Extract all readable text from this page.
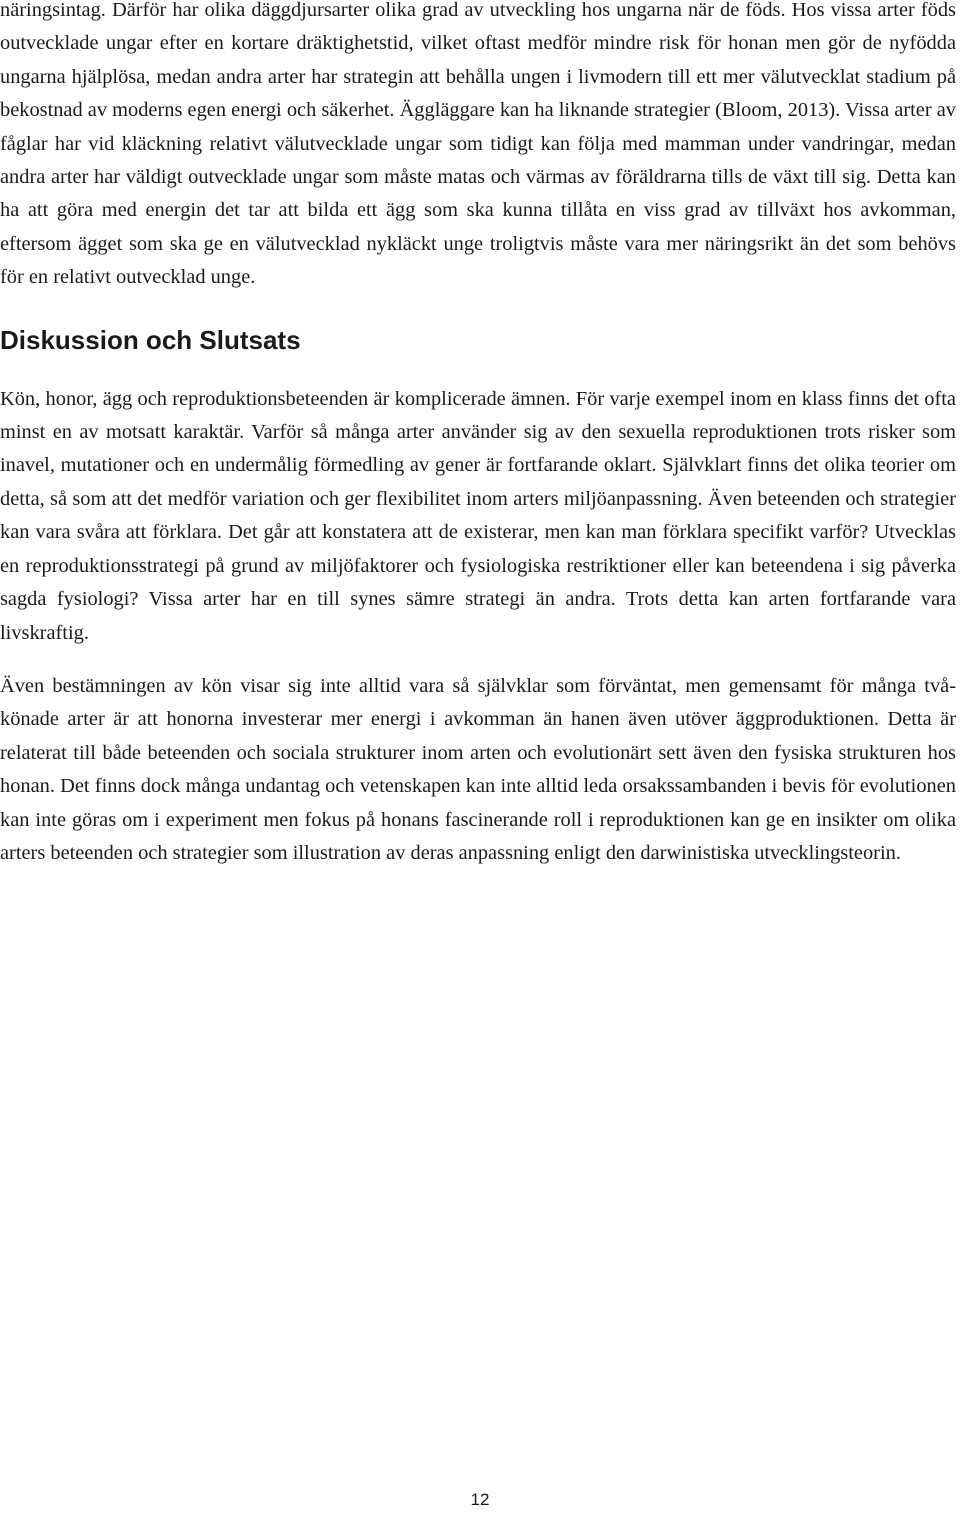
näringsintag. Därför har olika däggdjursarter olika grad av utveckling hos ungarna när de föds. Hos vissa arter föds outvecklade ungar efter en kortare dräktighetstid, vilket oftast medför mindre risk för honan men gör de nyfödda ungarna hjälplösa, medan andra arter har strategin att behålla ungen i livmodern till ett mer välutvecklat stadium på bekostnad av moderns egen energi och säkerhet. Äggläggare kan ha liknande strategier (Bloom, 2013). Vissa arter av fåglar har vid kläckning relativt välutvecklade ungar som tidigt kan följa med mamman under vandringar, medan andra arter har väldigt outvecklade ungar som måste matas och värmas av föräldrarna tills de växt till sig. Detta kan ha att göra med energin det tar att bilda ett ägg som ska kunna tillåta en viss grad av tillväxt hos avkomman, eftersom ägget som ska ge en välutvecklad nykläckt unge troligtvis måste vara mer näringsrikt än det som behövs för en relativt outvecklad unge.

Diskussion och Slutsats

Kön, honor, ägg och reproduktionsbeteenden är komplicerade ämnen. För varje exempel inom en klass finns det ofta minst en av motsatt karaktär. Varför så många arter använder sig av den sexuella reproduktionen trots risker som inavel, mutationer och en undermålig förmedling av gener är fortfarande oklart. Självklart finns det olika teorier om detta, så som att det medför variation och ger flexibilitet inom arters miljöanpassning. Även beteenden och strategier kan vara svåra att förklara. Det går att konstatera att de existerar, men kan man förklara specifikt varför? Utvecklas en reproduktionsstrategi på grund av miljöfaktorer och fysiologiska restriktioner eller kan beteendena i sig påverka sagda fysiologi? Vissa arter har en till synes sämre strategi än andra. Trots detta kan arten fortfarande vara livskraftig.

Även bestämningen av kön visar sig inte alltid vara så självklar som förväntat, men gemensamt för många två-könade arter är att honorna investerar mer energi i avkomman än hanen även utöver äggproduktionen. Detta är relaterat till både beteenden och sociala strukturer inom arten och evolutionärt sett även den fysiska strukturen hos honan. Det finns dock många undantag och vetenskapen kan inte alltid leda orsakssambanden i bevis för evolutionen kan inte göras om i experiment men fokus på honans fascinerande roll i reproduktionen kan ge en insikter om olika arters beteenden och strategier som illustration av deras anpassning enligt den darwinistiska utvecklingsteorin.

12
